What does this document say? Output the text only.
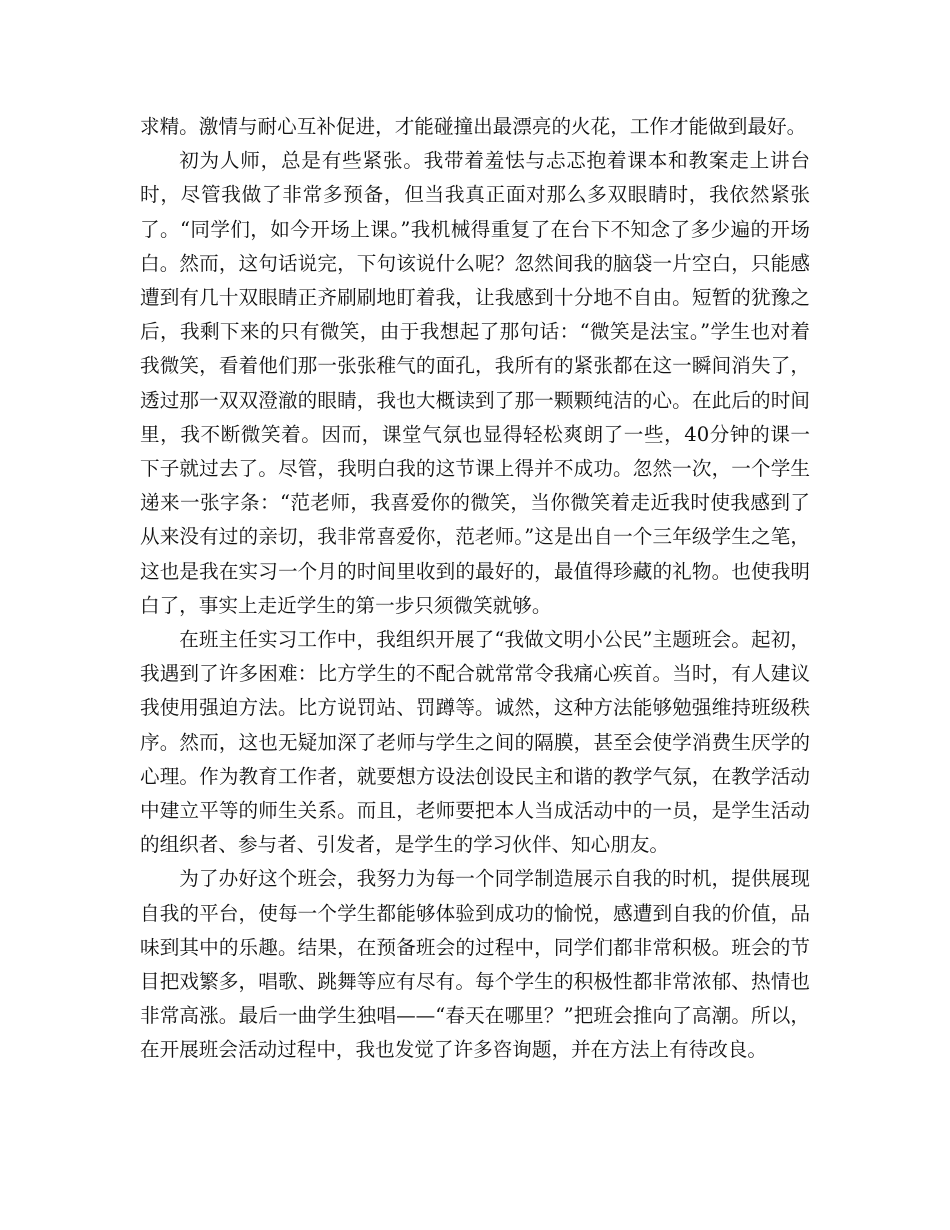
求精。激情与耐心互补促进，才能碰撞出最漂亮的火花，工作才能做到最好。

初为人师，总是有些紧张。我带着羞怯与忐忑抱着课本和教案走上讲台时，尽管我做了非常多预备，但当我真正面对那么多双眼睛时，我依然紧张了。“同学们，如今开场上课。”我机械得重复了在台下不知念了多少遍的开场白。然而，这句话说完，下句该说什么呢？忽然间我的脑袋一片空白，只能感遭到有几十双眼睛正齐刷刷地盯着我，让我感到十分地不自由。短暂的犹豫之后，我剩下来的只有微笑，由于我想起了那句话：“微笑是法宝。”学生也对着我微笑，看着他们那一张张稚气的面孔，我所有的紧张都在这一瞬间消失了，透过那一双双澄澈的眼睛，我也大概读到了那一颗颗纯洁的心。在此后的时间里，我不断微笑着。因而，课堂气氛也显得轻松爽朗了一些，40分钟的课一下子就过去了。尽管，我明白我的这节课上得并不成功。忽然一次，一个学生递来一张字条：“范老师，我喜爱你的微笑，当你微笑着走近我时使我感到了从来没有过的亲切，我非常喜爱你，范老师。”这是出自一个三年级学生之笔，这也是我在实习一个月的时间里收到的最好的，最值得珍藏的礼物。也使我明白了，事实上走近学生的第一步只须微笑就够。

在班主任实习工作中，我组织开展了“我做文明小公民”主题班会。起初，我遇到了许多困难：比方学生的不配合就常常令我痛心疾首。当时，有人建议我使用强迫方法。比方说罚站、罚蹲等。诚然，这种方法能够勉强维持班级秩序。然而，这也无疑加深了老师与学生之间的隔膜，甚至会使学消费生厌学的心理。作为教育工作者，就要想方设法创设民主和谐的教学气氛，在教学活动中建立平等的师生关系。而且，老师要把本人当成活动中的一员，是学生活动的组织者、参与者、引发者，是学生的学习伙伴、知心朋友。

为了办好这个班会，我努力为每一个同学制造展示自我的时机，提供展现自我的平台，使每一个学生都能够体验到成功的愉悦，感遭到自我的价值，品味到其中的乐趣。结果，在预备班会的过程中，同学们都非常积极。班会的节目把戏繁多，唱歌、跳舞等应有尽有。每个学生的积极性都非常浓郁、热情也非常高涨。最后一曲学生独唱——“春天在哪里？”把班会推向了高潮。所以，在开展班会活动过程中，我也发觉了许多咨询题，并在方法上有待改良。
